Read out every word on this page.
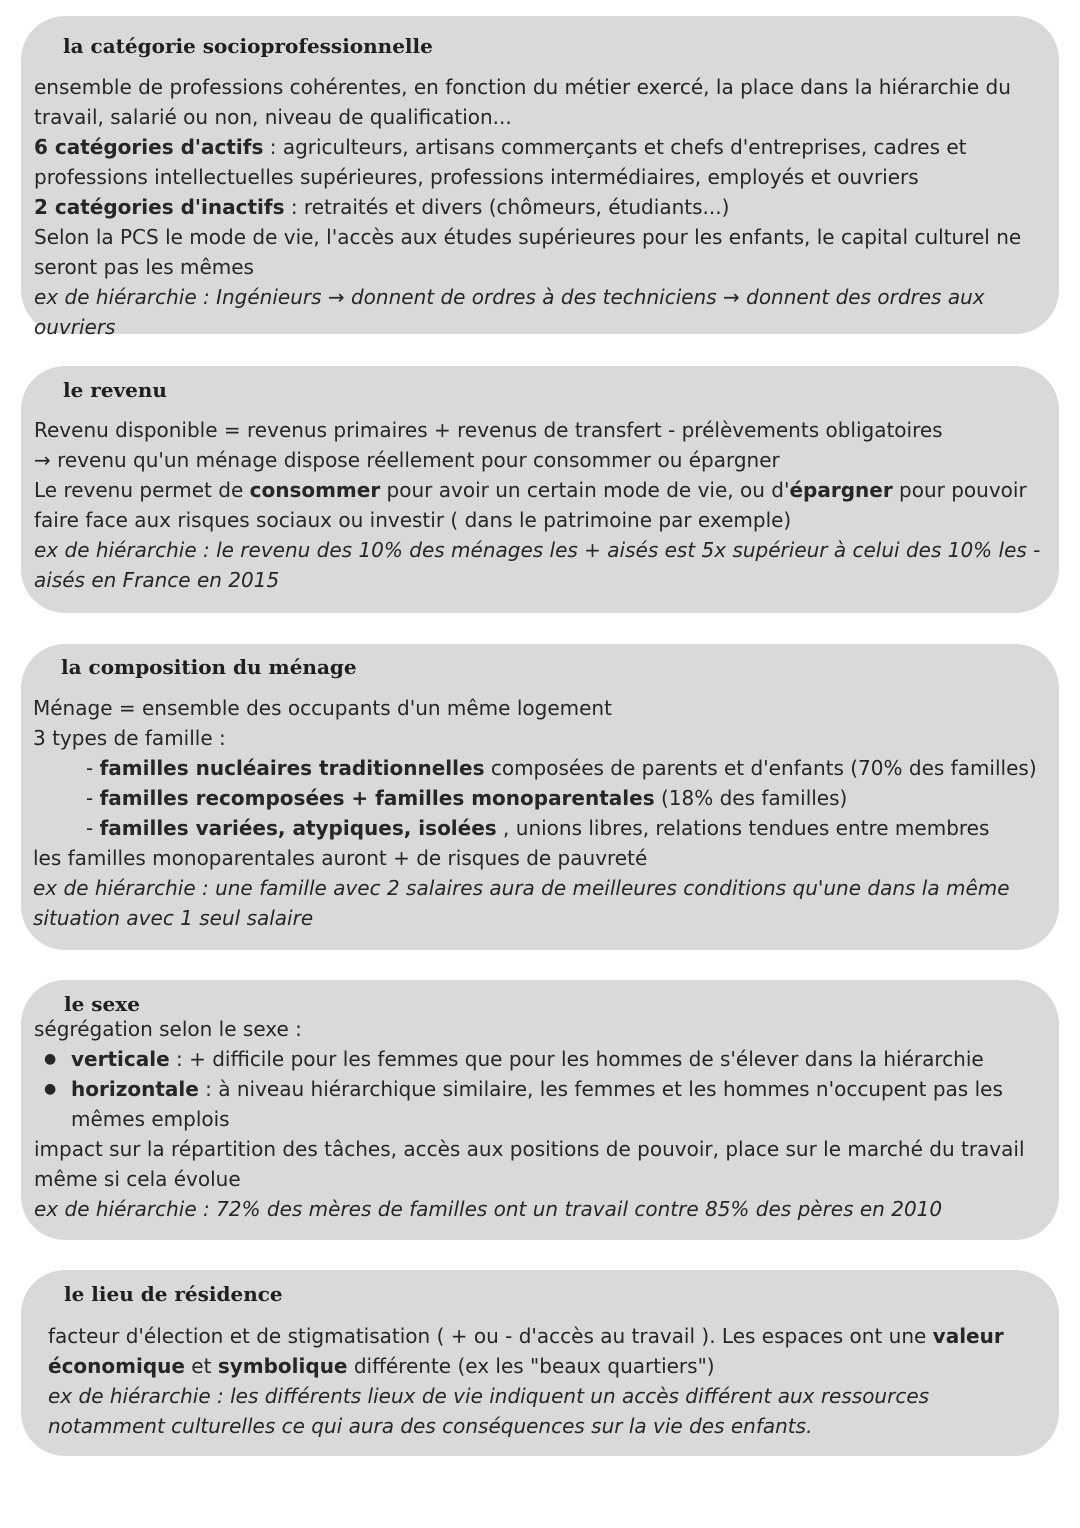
la catégorie socioprofessionnelle

ensemble de professions cohérentes, en fonction du métier exercé, la place dans la hiérarchie du travail, salarié ou non, niveau de qualification...

6 catégories d'actifs : agriculteurs, artisans commerçants et chefs d'entreprises, cadres et professions intellectuelles supérieures, professions intermédiaires, employés et ouvriers

2 catégories d'inactifs : retraités et divers (chômeurs, étudiants...)

Selon la PCS le mode de vie, l'accès aux études supérieures pour les enfants, le capital culturel ne seront pas les mêmes

ex de hiérarchie : Ingénieurs → donnent de ordres à des techniciens → donnent des ordres aux ouvriers

le revenu

Revenu disponible = revenus primaires + revenus de transfert - prélèvements obligatoires

→ revenu qu'un ménage dispose réellement pour consommer ou épargner

Le revenu permet de consommer pour avoir un certain mode de vie, ou d'épargner pour pouvoir faire face aux risques sociaux ou investir ( dans le patrimoine par exemple)

ex de hiérarchie : le revenu des 10% des ménages les + aisés est 5x supérieur à celui des 10% les - aisés en France en 2015

la composition du ménage

Ménage = ensemble des occupants d'un même logement

3 types de famille :

- familles nucléaires traditionnelles composées de parents et d'enfants (70% des familles)

- familles recomposées + familles monoparentales (18% des familles)

- familles variées, atypiques, isolées , unions libres, relations tendues entre membres

les familles monoparentales auront + de risques de pauvreté

ex de hiérarchie : une famille avec 2 salaires aura de meilleures conditions qu'une dans la même situation avec 1 seul salaire

le sexe

ségrégation selon le sexe :

● verticale : + difficile pour les femmes que pour les hommes de s'élever dans la hiérarchie
● horizontale : à niveau hiérarchique similaire, les femmes et les hommes n'occupent pas les mêmes emplois

impact sur la répartition des tâches, accès aux positions de pouvoir, place sur le marché du travail même si cela évolue

ex de hiérarchie : 72% des mères de familles ont un travail contre 85% des pères en 2010

le lieu de résidence

facteur d'élection et de stigmatisation ( + ou - d'accès au travail ). Les espaces ont une valeur économique et symbolique différente (ex les "beaux quartiers")

ex de hiérarchie : les différents lieux de vie indiquent un accès différent aux ressources notamment culturelles ce qui aura des conséquences sur la vie des enfants.
